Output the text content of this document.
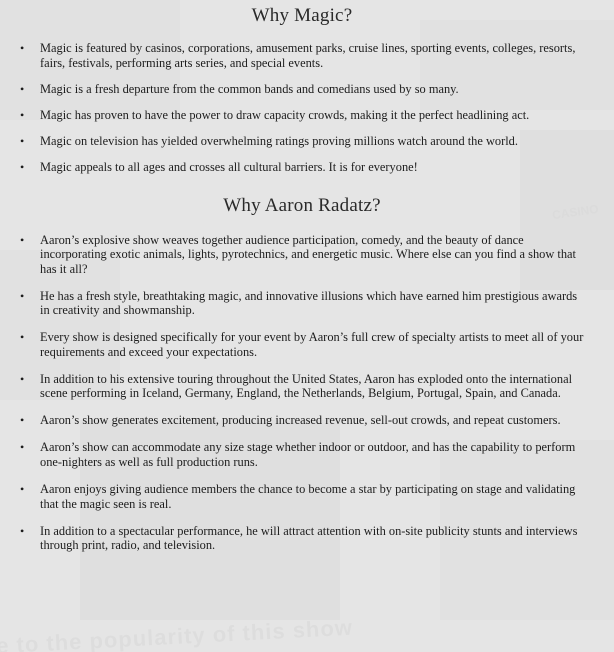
Why Magic?
• Magic is featured by casinos, corporations, amusement parks, cruise lines, sporting events, colleges, resorts, fairs, festivals, performing arts series, and special events.
• Magic is a fresh departure from the common bands and comedians used by so many.
• Magic has proven to have the power to draw capacity crowds, making it the perfect headlining act.
• Magic on television has yielded overwhelming ratings proving millions watch around the world.
• Magic appeals to all ages and crosses all cultural barriers. It is for everyone!
Why Aaron Radatz?
• Aaron’s explosive show weaves together audience participation, comedy, and the beauty of dance incorporating exotic animals, lights, pyrotechnics, and energetic music. Where else can you find a show that has it all?
• He has a fresh style, breathtaking magic, and innovative illusions which have earned him prestigious awards in creativity and showmanship.
• Every show is designed specifically for your event by Aaron’s full crew of specialty artists to meet all of your requirements and exceed your expectations.
• In addition to his extensive touring throughout the United States, Aaron has exploded onto the international scene performing in Iceland, Germany, England, the Netherlands, Belgium, Portugal, Spain, and Canada.
• Aaron’s show generates excitement, producing increased revenue, sell-out crowds, and repeat customers.
• Aaron’s show can accommodate any size stage whether indoor or outdoor, and has the capability to perform one-nighters as well as full production runs.
• Aaron enjoys giving audience members the chance to become a star by participating on stage and validating that the magic seen is real.
• In addition to a spectacular performance, he will attract attention with on-site publicity stunts and interviews through print, radio, and television.
